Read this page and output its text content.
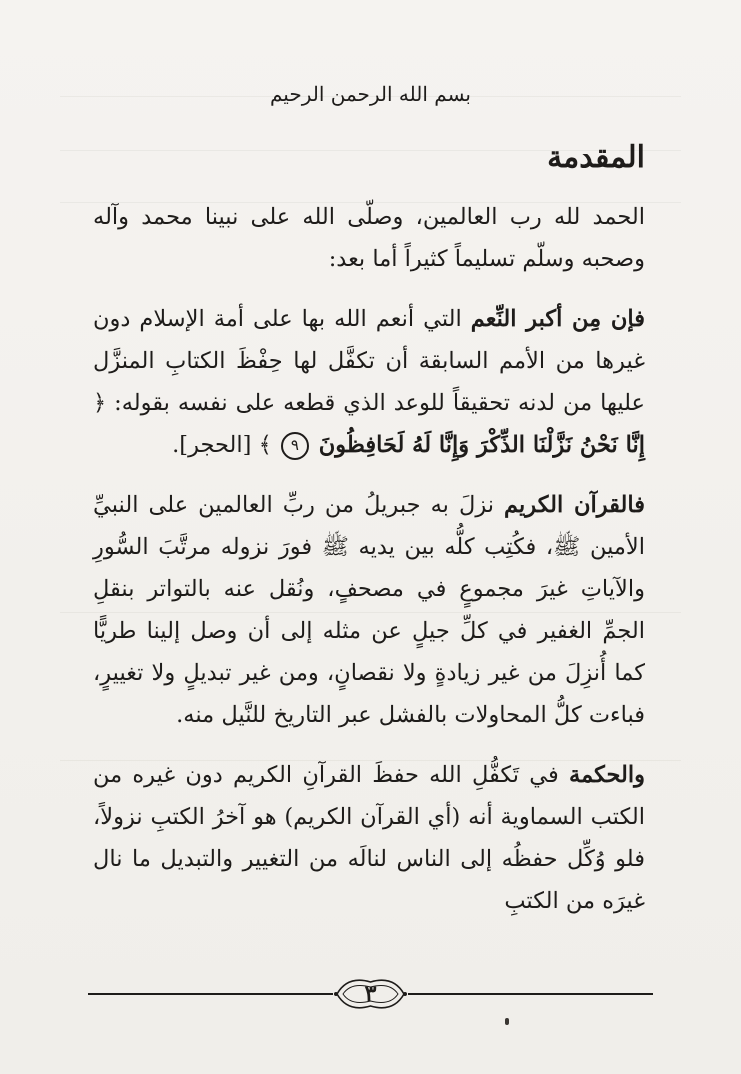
بسم الله الرحمن الرحيم
المقدمة

الحمد لله رب العالمين، وصلّى الله على نبينا محمد وآله وصحبه وسلّم تسليماً كثيراً أما بعد:

فإن مِن أكبر النِّعم التي أنعم الله بها على أمة الإسلام دون غيرها من الأمم السابقة أن تكفَّل لها حِفْظَ الكتابِ المنزَّل عليها من لدنه تحقيقاً للوعد الذي قطعه على نفسه بقوله: ﴿ إِنَّا نَحْنُ نَزَّلْنَا الذِّكْرَ وَإِنَّا لَهُ لَحَافِظُونَ ٩ ﴾ [الحجر].

فالقرآن الكريم نزلَ به جبريلُ من ربِّ العالمين على النبيِّ الأمين ﷺ، فكُتِب كلُّه بين يديه ﷺ فورَ نزوله مرتَّبَ السُّورِ والآياتِ غيرَ مجموعٍ في مصحفٍ، ونُقل عنه بالتواتر بنقلِ الجمِّ الغفير في كلِّ جيلٍ عن مثله إلى أن وصل إلينا طريًّا كما أُنزِلَ من غير زيادةٍ ولا نقصانٍ، ومن غير تبديلٍ ولا تغييرٍ، فباءت كلُّ المحاولات بالفشل عبر التاريخ للنَّيل منه.

والحكمة في تَكفُّلِ الله حفظَ القرآنِ الكريم دون غيره من الكتب السماوية أنه (أي القرآن الكريم) هو آخرُ الكتبِ نزولاً، فلو وُكِّل حفظُه إلى الناس لنالَه من التغيير والتبديل ما نال غيرَه من الكتبِ

٣
